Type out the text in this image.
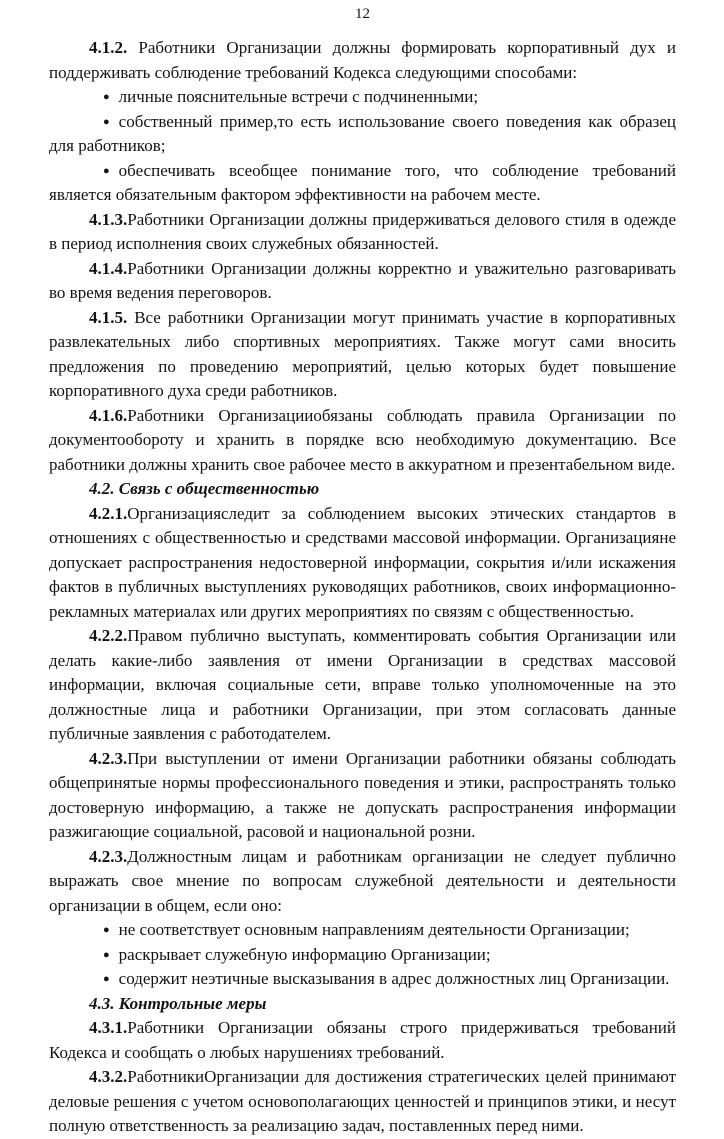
12

4.1.2. Работники Организации должны формировать корпоративный дух и поддерживать соблюдение требований Кодекса следующими способами:

● личные пояснительные встречи с подчиненными;

● собственный пример,то есть использование своего поведения как образец для работников;

● обеспечивать всеобщее понимание того, что соблюдение требований является обязательным фактором эффективности на рабочем месте.

4.1.3.Работники Организации должны придерживаться делового стиля в одежде в период исполнения своих служебных обязанностей.

4.1.4.Работники Организации должны корректно и уважительно разговаривать во время ведения переговоров.

4.1.5. Все работники Организации могут принимать участие в корпоративных развлекательных либо спортивных мероприятиях. Также могут сами вносить предложения по проведению мероприятий, целью которых будет повышение корпоративного духа среди работников.

4.1.6.Работники Организацииобязаны соблюдать правила Организации по документообороту и хранить в порядке всю необходимую документацию. Все работники должны хранить свое рабочее место в аккуратном и презентабельном виде.

4.2. Связь с общественностью

4.2.1.Организацияследит за соблюдением высоких этических стандартов в отношениях с общественностью и средствами массовой информации. Организацияне допускает распространения недостоверной информации, сокрытия и/или искажения фактов в публичных выступлениях руководящих работников, своих информационно-рекламных материалах или других мероприятиях по связям с общественностью.

4.2.2.Правом публично выступать, комментировать события Организации или делать какие-либо заявления от имени Организации в средствах массовой информации, включая социальные сети, вправе только уполномоченные на это должностные лица и работники Организации, при этом согласовать данные публичные заявления с работодателем.

4.2.3.При выступлении от имени Организации работники обязаны соблюдать общепринятые нормы профессионального поведения и этики, распространять только достоверную информацию, а также не допускать распространения информации разжигающие социальной, расовой и национальной розни.

4.2.3.Должностным лицам и работникам организации не следует публично выражать свое мнение по вопросам служебной деятельности и деятельности организации в общем, если оно:

● не соответствует основным направлениям деятельности Организации;

● раскрывает служебную информацию Организации;

● содержит неэтичные высказывания в адрес должностных лиц Организации.

4.3. Контрольные меры

4.3.1.Работники Организации обязаны строго придерживаться требований Кодекса и сообщать о любых нарушениях требований.

4.3.2.РаботникиОрганизации для достижения стратегических целей принимают деловые решения с учетом основополагающих ценностей и принципов этики, и несут полную ответственность за реализацию задач, поставленных перед ними.
